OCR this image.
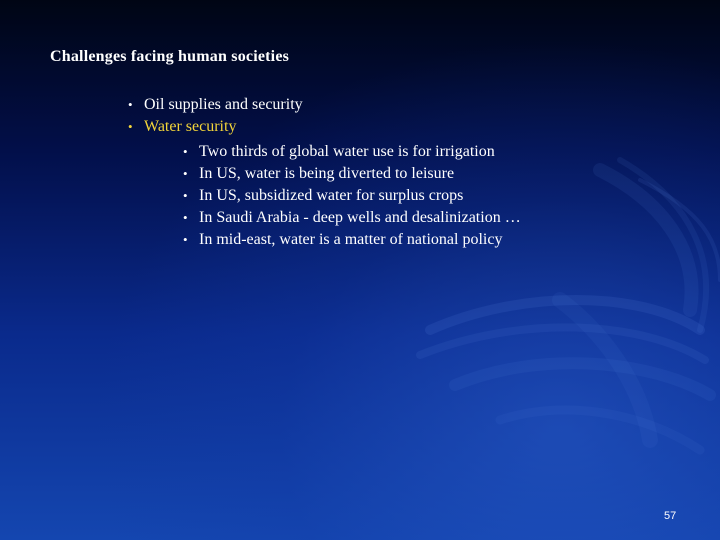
Challenges facing human societies
• Oil supplies and security
• Water security
• Two thirds of global water use is for irrigation
• In US, water is being diverted to leisure
• In US, subsidized water for surplus crops
• In Saudi Arabia - deep wells and desalinization …
• In mid-east, water is a matter of national policy
57
